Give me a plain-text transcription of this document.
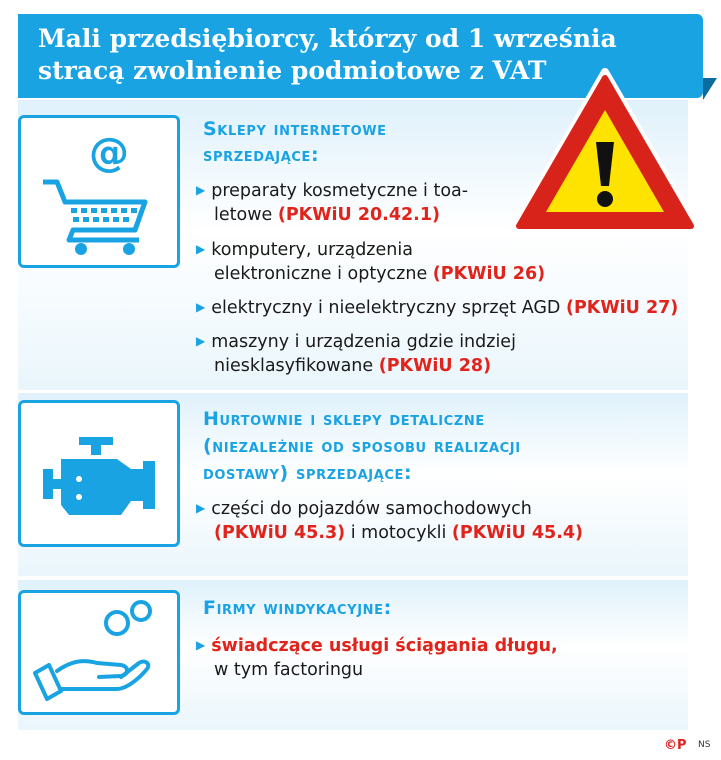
Mali przedsiębiorcy, którzy od 1 września
stracą zwolnienie podmiotowe z VAT
@
Sklepy internetowe
sprzedające:
▶ preparaty kosmetyczne i toa-
letowe (PKWiU 20.42.1)
▶ komputery, urządzenia
elektroniczne i optyczne (PKWiU 26)
▶ elektryczny i nieelektryczny sprzęt AGD (PKWiU 27)
▶ maszyny i urządzenia gdzie indziej
niesklasyfikowane (PKWiU 28)
Hurtownie i sklepy detaliczne
(niezależnie od sposobu realizacji
dostawy) sprzedające:
▶ części do pojazdów samochodowych
(PKWiU 45.3) i motocykli (PKWiU 45.4)
Firmy windykacyjne:
▶ świadczące usługi ściągania długu,
w tym factoringu
©P NS
